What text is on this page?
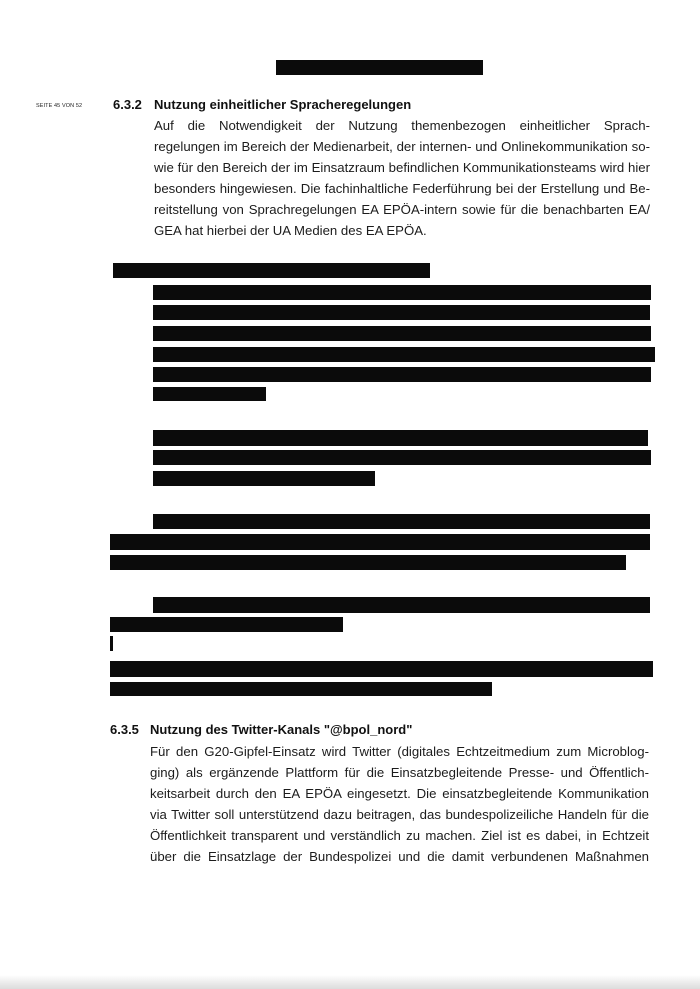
SEITE 45 VON 52 6.3.2 Nutzung einheitlicher Spracheregelungen
Auf die Notwendigkeit der Nutzung themenbezogen einheitlicher Sprach-
regelungen im Bereich der Medienarbeit, der internen- und Onlinekommunikation so-
wie für den Bereich der im Einsatzraum befindlichen Kommunikationsteams wird hier
besonders hingewiesen. Die fachinhaltliche Federführung bei der Erstellung und Be-
reitstellung von Sprachregelungen EA EPÖA-intern sowie für die benachbarten EA/
GEA hat hierbei der UA Medien des EA EPÖA.
6.3.5 Nutzung des Twitter-Kanals "@bpol_nord"
Für den G20-Gipfel-Einsatz wird Twitter (digitales Echtzeitmedium zum Microblog-
ging) als ergänzende Plattform für die Einsatzbegleitende Presse- und Öffentlich-
keitsarbeit durch den EA EPÖA eingesetzt. Die einsatzbegleitende Kommunikation
via Twitter soll unterstützend dazu beitragen, das bundespolizeiliche Handeln für die
Öffentlichkeit transparent und verständlich zu machen. Ziel ist es dabei, in Echtzeit
über die Einsatzlage der Bundespolizei und die damit verbundenen Maßnahmen
